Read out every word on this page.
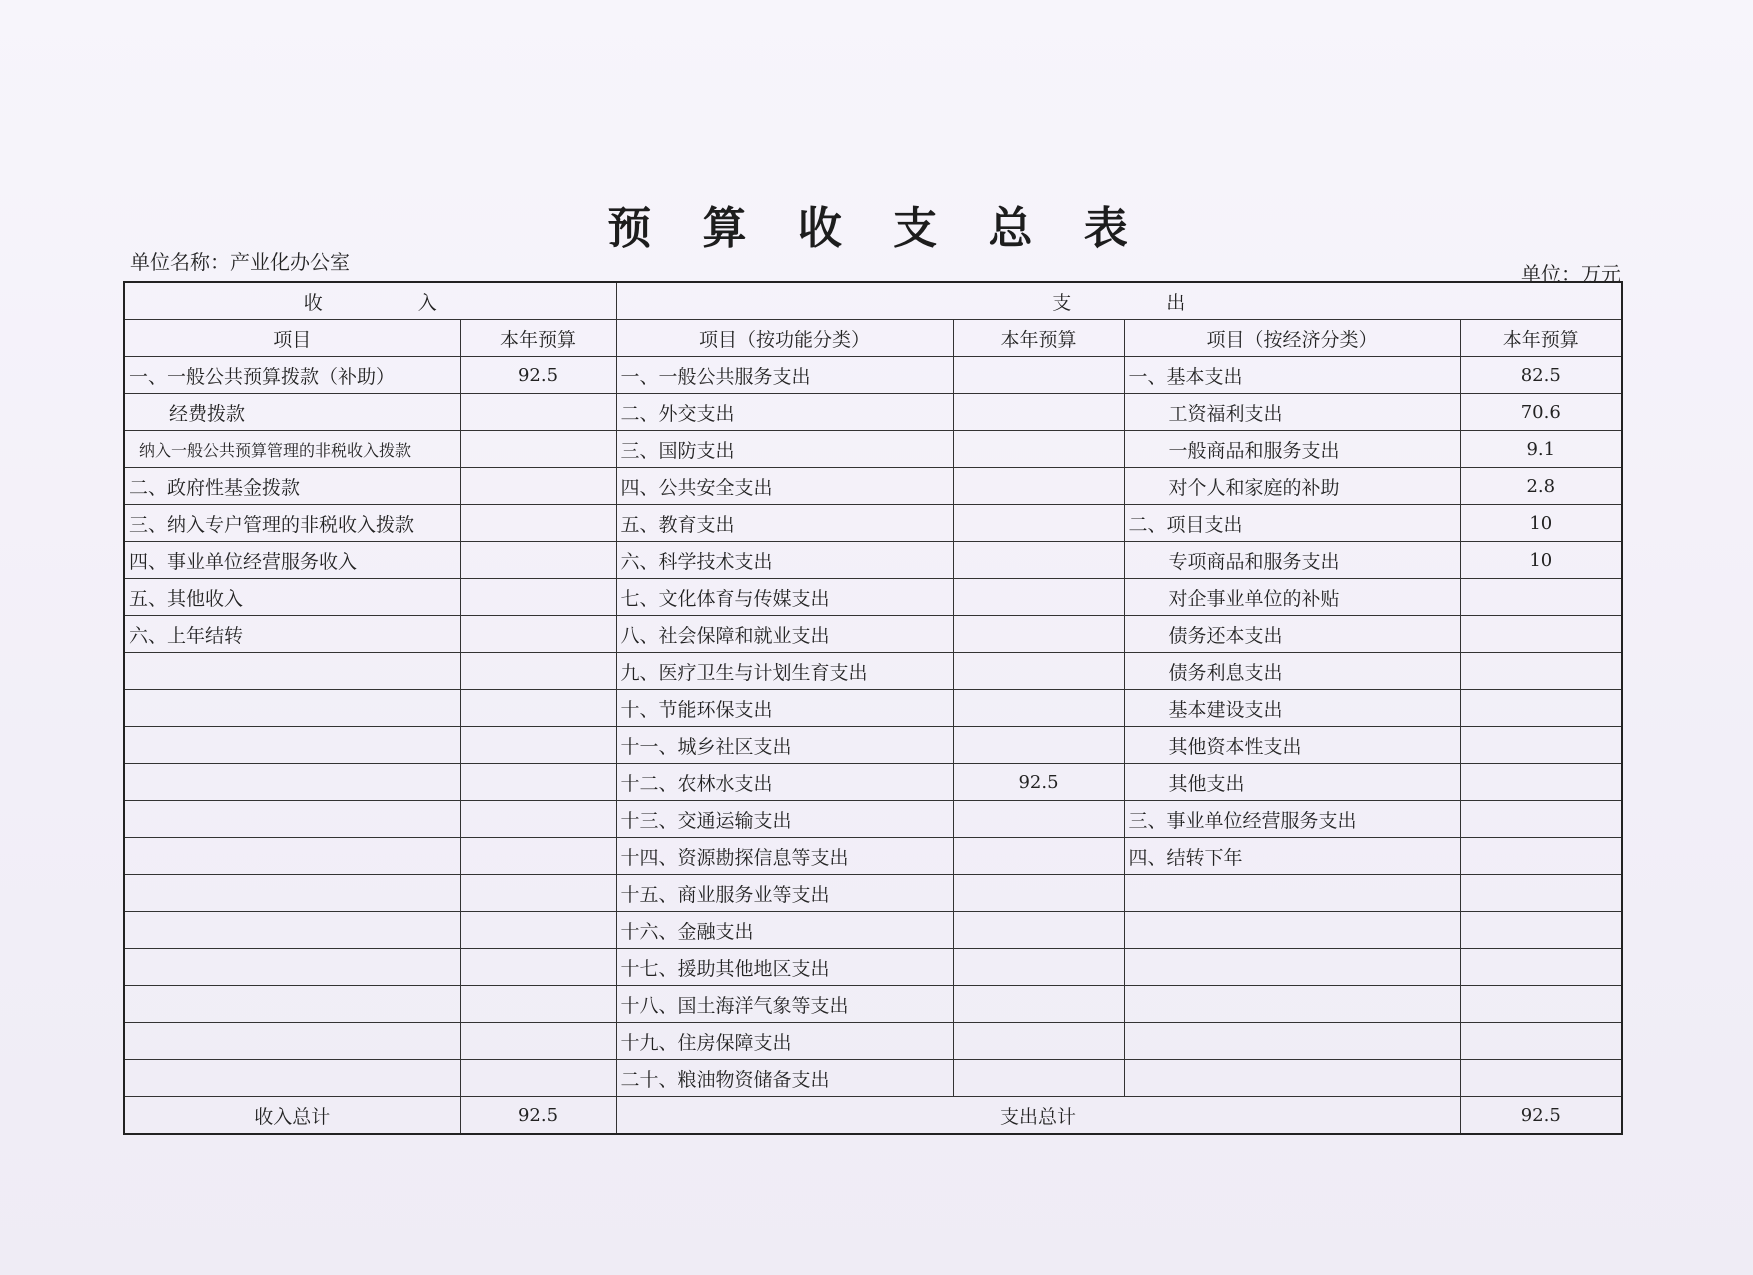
预 算 收 支 总 表
单位名称：产业化办公室	单位：万元
收　　　　　入		支　　　　　出			
项目	本年预算	项目（按功能分类）	本年预算	项目（按经济分类）	本年预算
一、一般公共预算拨款（补助）	92.5	一、一般公共服务支出		一、基本支出	82.5
经费拨款		二、外交支出		工资福利支出	70.6
纳入一般公共预算管理的非税收入拨款		三、国防支出		一般商品和服务支出	9.1
二、政府性基金拨款		四、公共安全支出		对个人和家庭的补助	2.8
三、纳入专户管理的非税收入拨款		五、教育支出		二、项目支出	10
四、事业单位经营服务收入		六、科学技术支出		专项商品和服务支出	10
五、其他收入		七、文化体育与传媒支出		对企事业单位的补贴	
六、上年结转		八、社会保障和就业支出		债务还本支出	
		九、医疗卫生与计划生育支出		债务利息支出	
		十、节能环保支出		基本建设支出	
		十一、城乡社区支出		其他资本性支出	
		十二、农林水支出	92.5	其他支出	
		十三、交通运输支出		三、事业单位经营服务支出	
		十四、资源勘探信息等支出		四、结转下年	
		十五、商业服务业等支出			
		十六、金融支出			
		十七、援助其他地区支出			
		十八、国土海洋气象等支出			
		十九、住房保障支出			
		二十、粮油物资储备支出			
收入总计	92.5	支出总计			92.5
